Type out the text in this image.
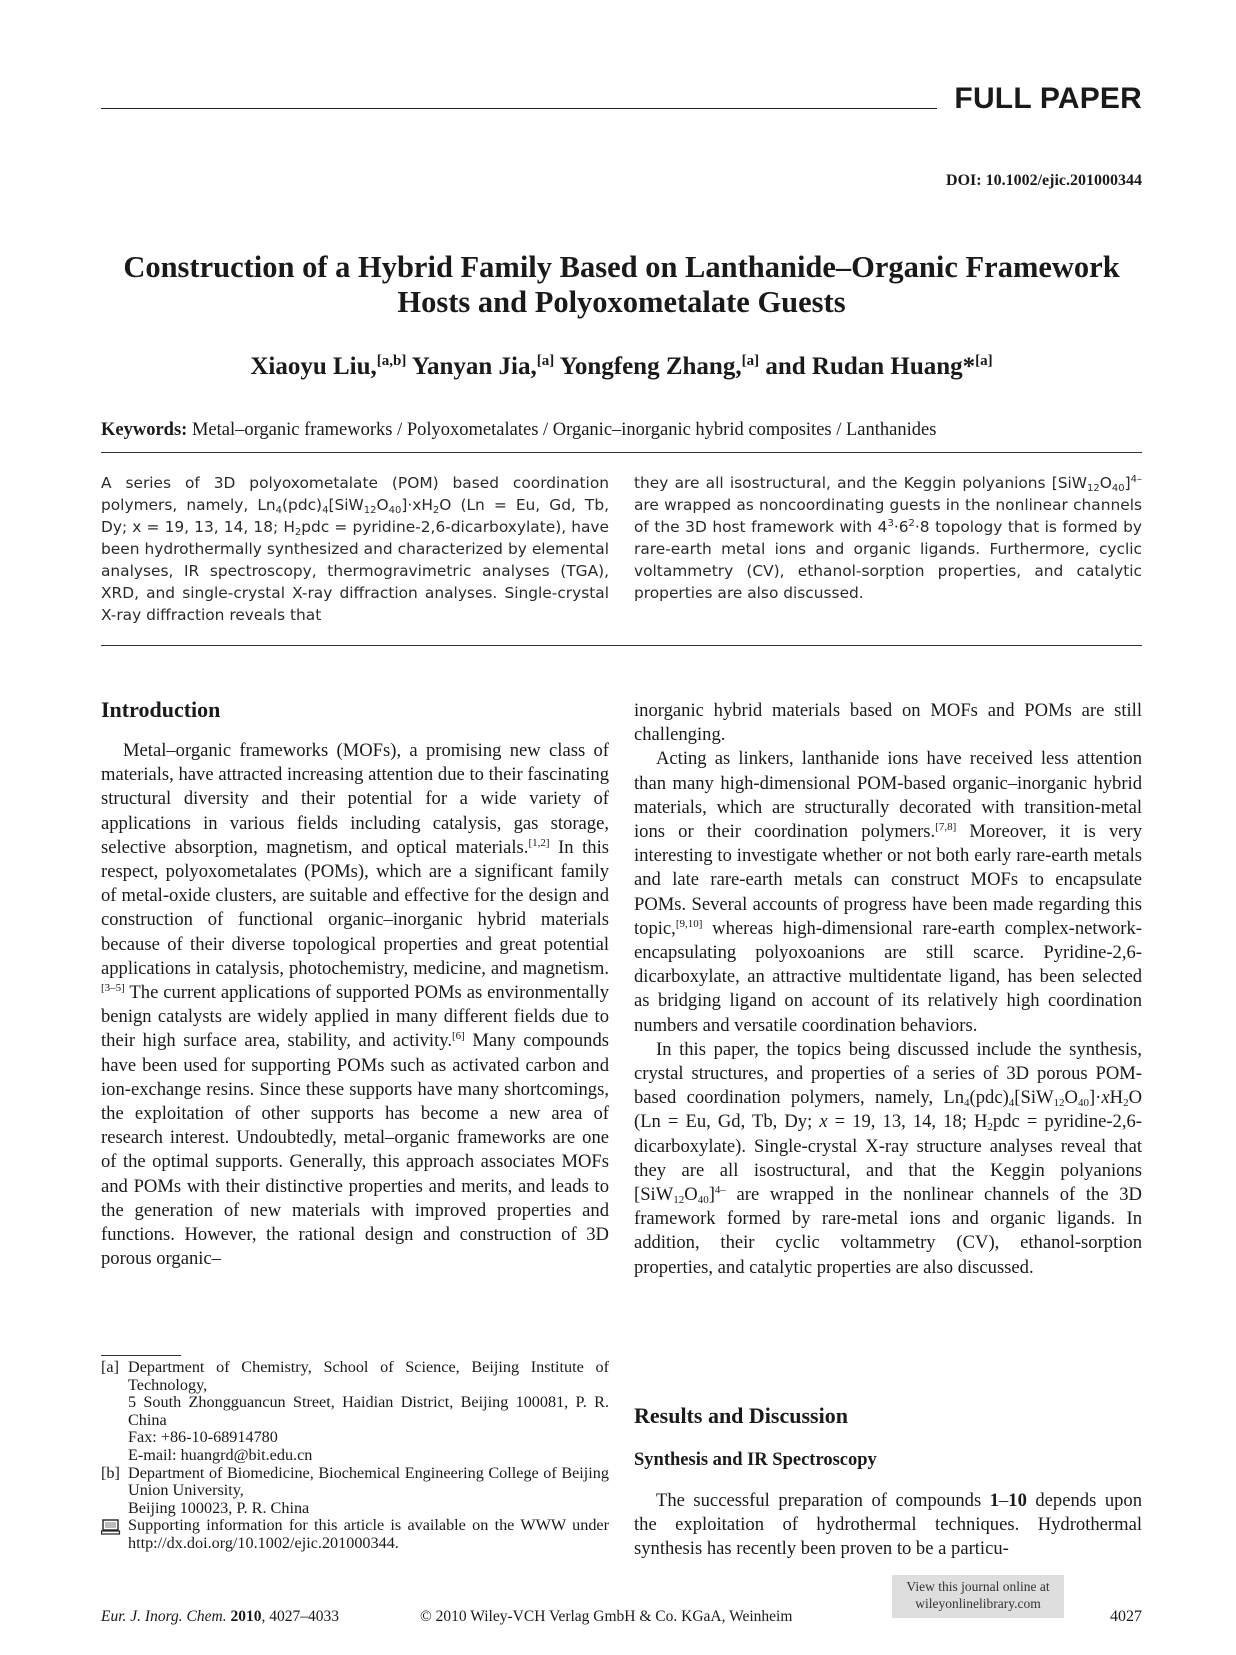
FULL PAPER
DOI: 10.1002/ejic.201000344
Construction of a Hybrid Family Based on Lanthanide–Organic Framework
Hosts and Polyoxometalate Guests
Xiaoyu Liu,[a,b] Yanyan Jia,[a] Yongfeng Zhang,[a] and Rudan Huang*[a]
Keywords: Metal–organic frameworks / Polyoxometalates / Organic–inorganic hybrid composites / Lanthanides
A series of 3D polyoxometalate (POM) based coordination polymers, namely, $Ln_4(pdc)_4[SiW_{12}O_{40}]\cdot xH_2O$ (Ln = Eu, Gd, Tb, Dy; x = 19, 13, 14, 18; $H_2pdc$ = pyridine-2,6-dicarboxylate), have been hydrothermally synthesized and characterized by elemental analyses, IR spectroscopy, thermogravimetric analyses (TGA), XRD, and single-crystal X-ray diffraction analyses. Single-crystal X-ray diffraction reveals that
they are all isostructural, and the Keggin polyanions $[SiW_{12}O_{40}]^{4-}$ are wrapped as noncoordinating guests in the nonlinear channels of the 3D host framework with $4^3\cdot 6^2\cdot 8$ topology that is formed by rare-earth metal ions and organic ligands. Furthermore, cyclic voltammetry (CV), ethanol-sorption properties, and catalytic properties are also discussed.
Introduction

Metal–organic frameworks (MOFs), a promising new class of materials, have attracted increasing attention due to their fascinating structural diversity and their potential for a wide variety of applications in various fields including catalysis, gas storage, selective absorption, magnetism, and optical materials.[1,2] In this respect, polyoxometalates (POMs), which are a significant family of metal-oxide clusters, are suitable and effective for the design and construction of functional organic–inorganic hybrid materials because of their diverse topological properties and great potential applications in catalysis, photochemistry, medicine, and magnetism.[3–5] The current applications of supported POMs as environmentally benign catalysts are widely applied in many different fields due to their high surface area, stability, and activity.[6] Many compounds have been used for supporting POMs such as activated carbon and ion-exchange resins. Since these supports have many shortcomings, the exploitation of other supports has become a new area of research interest. Undoubtedly, metal–organic frameworks are one of the optimal supports. Generally, this approach associates MOFs and POMs with their distinctive properties and merits, and leads to the generation of new materials with improved properties and functions. However, the rational design and construction of 3D porous organic–

inorganic hybrid materials based on MOFs and POMs are still challenging.

Acting as linkers, lanthanide ions have received less attention than many high-dimensional POM-based organic–inorganic hybrid materials, which are structurally decorated with transition-metal ions or their coordination polymers.[7,8] Moreover, it is very interesting to investigate whether or not both early rare-earth metals and late rare-earth metals can construct MOFs to encapsulate POMs. Several accounts of progress have been made regarding this topic,[9,10] whereas high-dimensional rare-earth complex-network-encapsulating polyoxoanions are still scarce. Pyridine-2,6-dicarboxylate, an attractive multidentate ligand, has been selected as bridging ligand on account of its relatively high coordination numbers and versatile coordination behaviors.

In this paper, the topics being discussed include the synthesis, crystal structures, and properties of a series of 3D porous POM-based coordination polymers, namely, $Ln_4(pdc)_4[SiW_{12}O_{40}]\cdot xH_2O$ (Ln = Eu, Gd, Tb, Dy; x = 19, 13, 14, 18; $H_2pdc$ = pyridine-2,6-dicarboxylate). Single-crystal X-ray structure analyses reveal that they are all isostructural, and that the Keggin polyanions $[SiW_{12}O_{40}]^{4-}$ are wrapped in the nonlinear channels of the 3D framework formed by rare-metal ions and organic ligands. In addition, their cyclic voltammetry (CV), ethanol-sorption properties, and catalytic properties are also discussed.

Results and Discussion
Synthesis and IR Spectroscopy

The successful preparation of compounds 1–10 depends upon the exploitation of hydrothermal techniques. Hydrothermal synthesis has recently been proven to be a particu-

[a] Department of Chemistry, School of Science, Beijing Institute of Technology,
5 South Zhongguancun Street, Haidian District, Beijing 100081, P. R. China
Fax: +86-10-68914780
E-mail: huangrd@bit.edu.cn
[b] Department of Biomedicine, Biochemical Engineering College of Beijing Union University,
Beijing 100023, P. R. China
Supporting information for this article is available on the WWW under http://dx.doi.org/10.1002/ejic.201000344.
Eur. J. Inorg. Chem. 2010, 4027–4033	© 2010 Wiley-VCH Verlag GmbH & Co. KGaA, Weinheim
View this journal online at
wileyonlinelibrary.com
4027
